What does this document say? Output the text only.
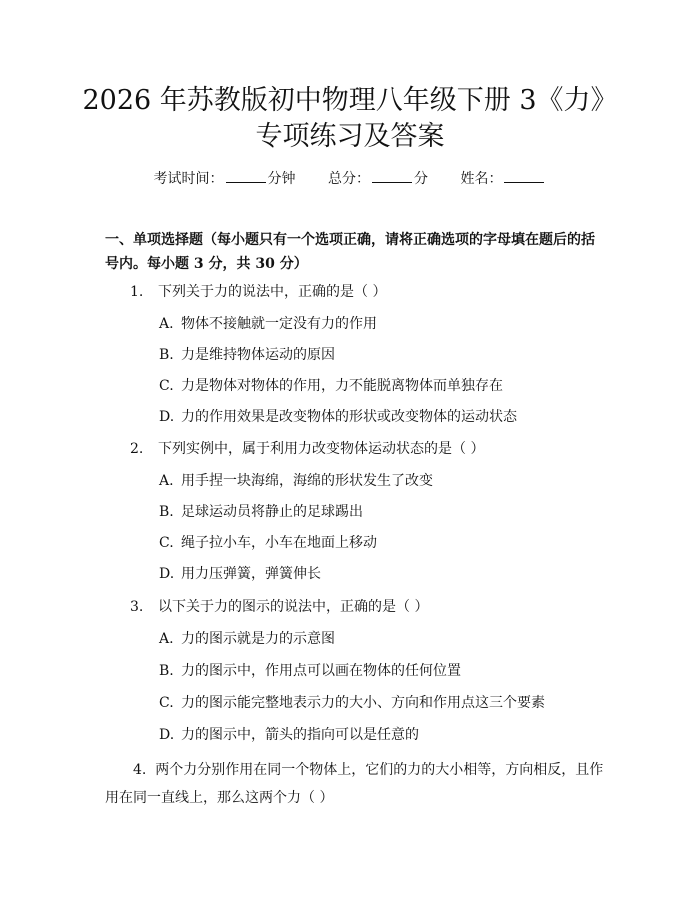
2026 年苏教版初中物理八年级下册 3《力》
专项练习及答案
考试时间：	分钟 总分：	分 姓名：

一、单项选择题（每小题只有一个选项正确，请将正确选项的字母填在题后的括号内。每小题 3 分，共 30 分）

1. 下列关于力的说法中，正确的是（ ）
A. 物体不接触就一定没有力的作用
B. 力是维持物体运动的原因
C. 力是物体对物体的作用，力不能脱离物体而单独存在
D. 力的作用效果是改变物体的形状或改变物体的运动状态
2. 下列实例中，属于利用力改变物体运动状态的是（ ）
A. 用手捏一块海绵，海绵的形状发生了改变
B. 足球运动员将静止的足球踢出
C. 绳子拉小车，小车在地面上移动
D. 用力压弹簧，弹簧伸长
3. 以下关于力的图示的说法中，正确的是（ ）
A. 力的图示就是力的示意图
B. 力的图示中，作用点可以画在物体的任何位置
C. 力的图示能完整地表示力的大小、方向和作用点这三个要素
D. 力的图示中，箭头的指向可以是任意的
4. 两个力分别作用在同一个物体上，它们的力的大小相等，方向相反，且作用在同一直线上，那么这两个力（ ）
